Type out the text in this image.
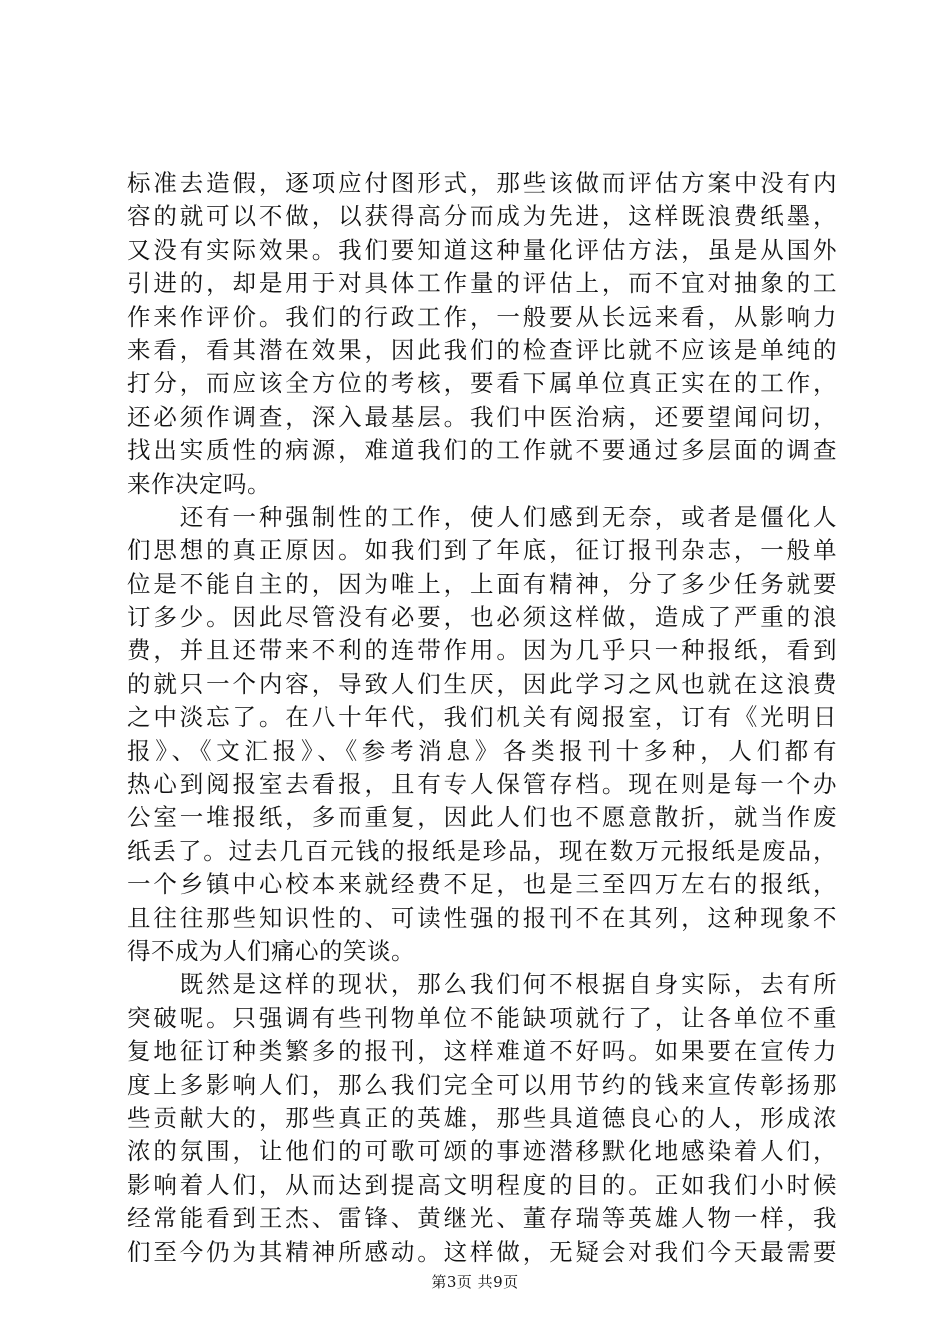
标准去造假，逐项应付图形式，那些该做而评估方案中没有内
容的就可以不做，以获得高分而成为先进，这样既浪费纸墨，
又没有实际效果。我们要知道这种量化评估方法，虽是从国外
引进的，却是用于对具体工作量的评估上，而不宜对抽象的工
作来作评价。我们的行政工作，一般要从长远来看，从影响力
来看，看其潜在效果，因此我们的检查评比就不应该是单纯的
打分，而应该全方位的考核，要看下属单位真正实在的工作，
还必须作调查，深入最基层。我们中医治病，还要望闻问切，
找出实质性的病源，难道我们的工作就不要通过多层面的调查
来作决定吗。
　　还有一种强制性的工作，使人们感到无奈，或者是僵化人
们思想的真正原因。如我们到了年底，征订报刊杂志，一般单
位是不能自主的，因为唯上，上面有精神，分了多少任务就要
订多少。因此尽管没有必要，也必须这样做，造成了严重的浪
费，并且还带来不利的连带作用。因为几乎只一种报纸，看到
的就只一个内容，导致人们生厌，因此学习之风也就在这浪费
之中淡忘了。在八十年代，我们机关有阅报室，订有《光明日
报》、《文汇报》、《参考消息》各类报刊十多种，人们都有
热心到阅报室去看报，且有专人保管存档。现在则是每一个办
公室一堆报纸，多而重复，因此人们也不愿意散折，就当作废
纸丢了。过去几百元钱的报纸是珍品，现在数万元报纸是废品，
一个乡镇中心校本来就经费不足，也是三至四万左右的报纸，
且往往那些知识性的、可读性强的报刊不在其列，这种现象不
得不成为人们痛心的笑谈。
　　既然是这样的现状，那么我们何不根据自身实际，去有所
突破呢。只强调有些刊物单位不能缺项就行了，让各单位不重
复地征订种类繁多的报刊，这样难道不好吗。如果要在宣传力
度上多影响人们，那么我们完全可以用节约的钱来宣传彰扬那
些贡献大的，那些真正的英雄，那些具道德良心的人，形成浓
浓的氛围，让他们的可歌可颂的事迹潜移默化地感染着人们，
影响着人们，从而达到提高文明程度的目的。正如我们小时候
经常能看到王杰、雷锋、黄继光、董存瑞等英雄人物一样，我
们至今仍为其精神所感动。这样做，无疑会对我们今天最需要
第3页 共9页
